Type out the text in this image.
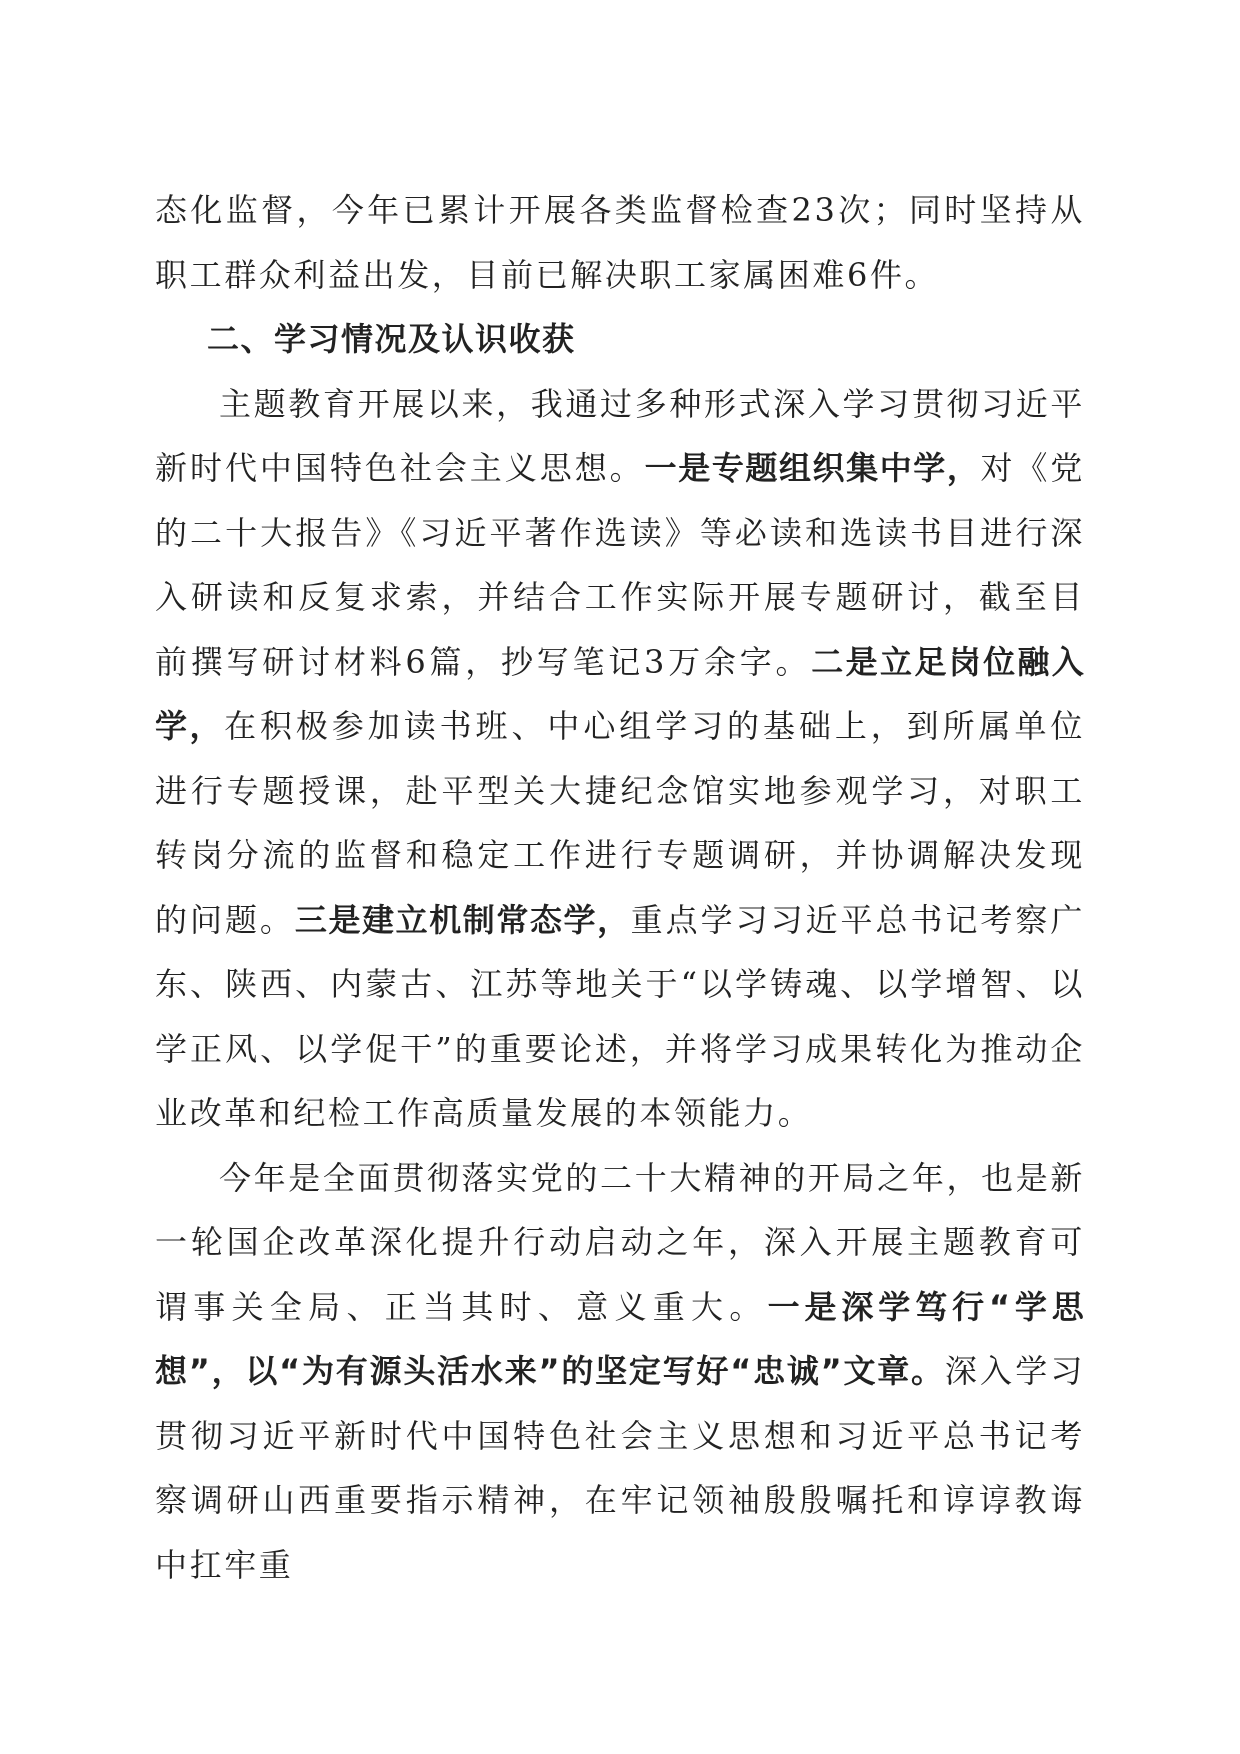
态化监督，今年已累计开展各类监督检查23次；同时坚持从职工群众利益出发，目前已解决职工家属困难6件。

二、学习情况及认识收获

主题教育开展以来，我通过多种形式深入学习贯彻习近平新时代中国特色社会主义思想。一是专题组织集中学，对《党的二十大报告》《习近平著作选读》等必读和选读书目进行深入研读和反复求索，并结合工作实际开展专题研讨，截至目前撰写研讨材料6篇，抄写笔记3万余字。二是立足岗位融入学，在积极参加读书班、中心组学习的基础上，到所属单位进行专题授课，赴平型关大捷纪念馆实地参观学习，对职工转岗分流的监督和稳定工作进行专题调研，并协调解决发现的问题。三是建立机制常态学，重点学习习近平总书记考察广东、陕西、内蒙古、江苏等地关于“以学铸魂、以学增智、以学正风、以学促干”的重要论述，并将学习成果转化为推动企业改革和纪检工作高质量发展的本领能力。

今年是全面贯彻落实党的二十大精神的开局之年，也是新一轮国企改革深化提升行动启动之年，深入开展主题教育可谓事关全局、正当其时、意义重大。一是深学笃行“学思想”，以“为有源头活水来”的坚定写好“忠诚”文章。深入学习贯彻习近平新时代中国特色社会主义思想和习近平总书记考察调研山西重要指示精神，在牢记领袖殷殷嘱托和谆谆教诲中扛牢重
